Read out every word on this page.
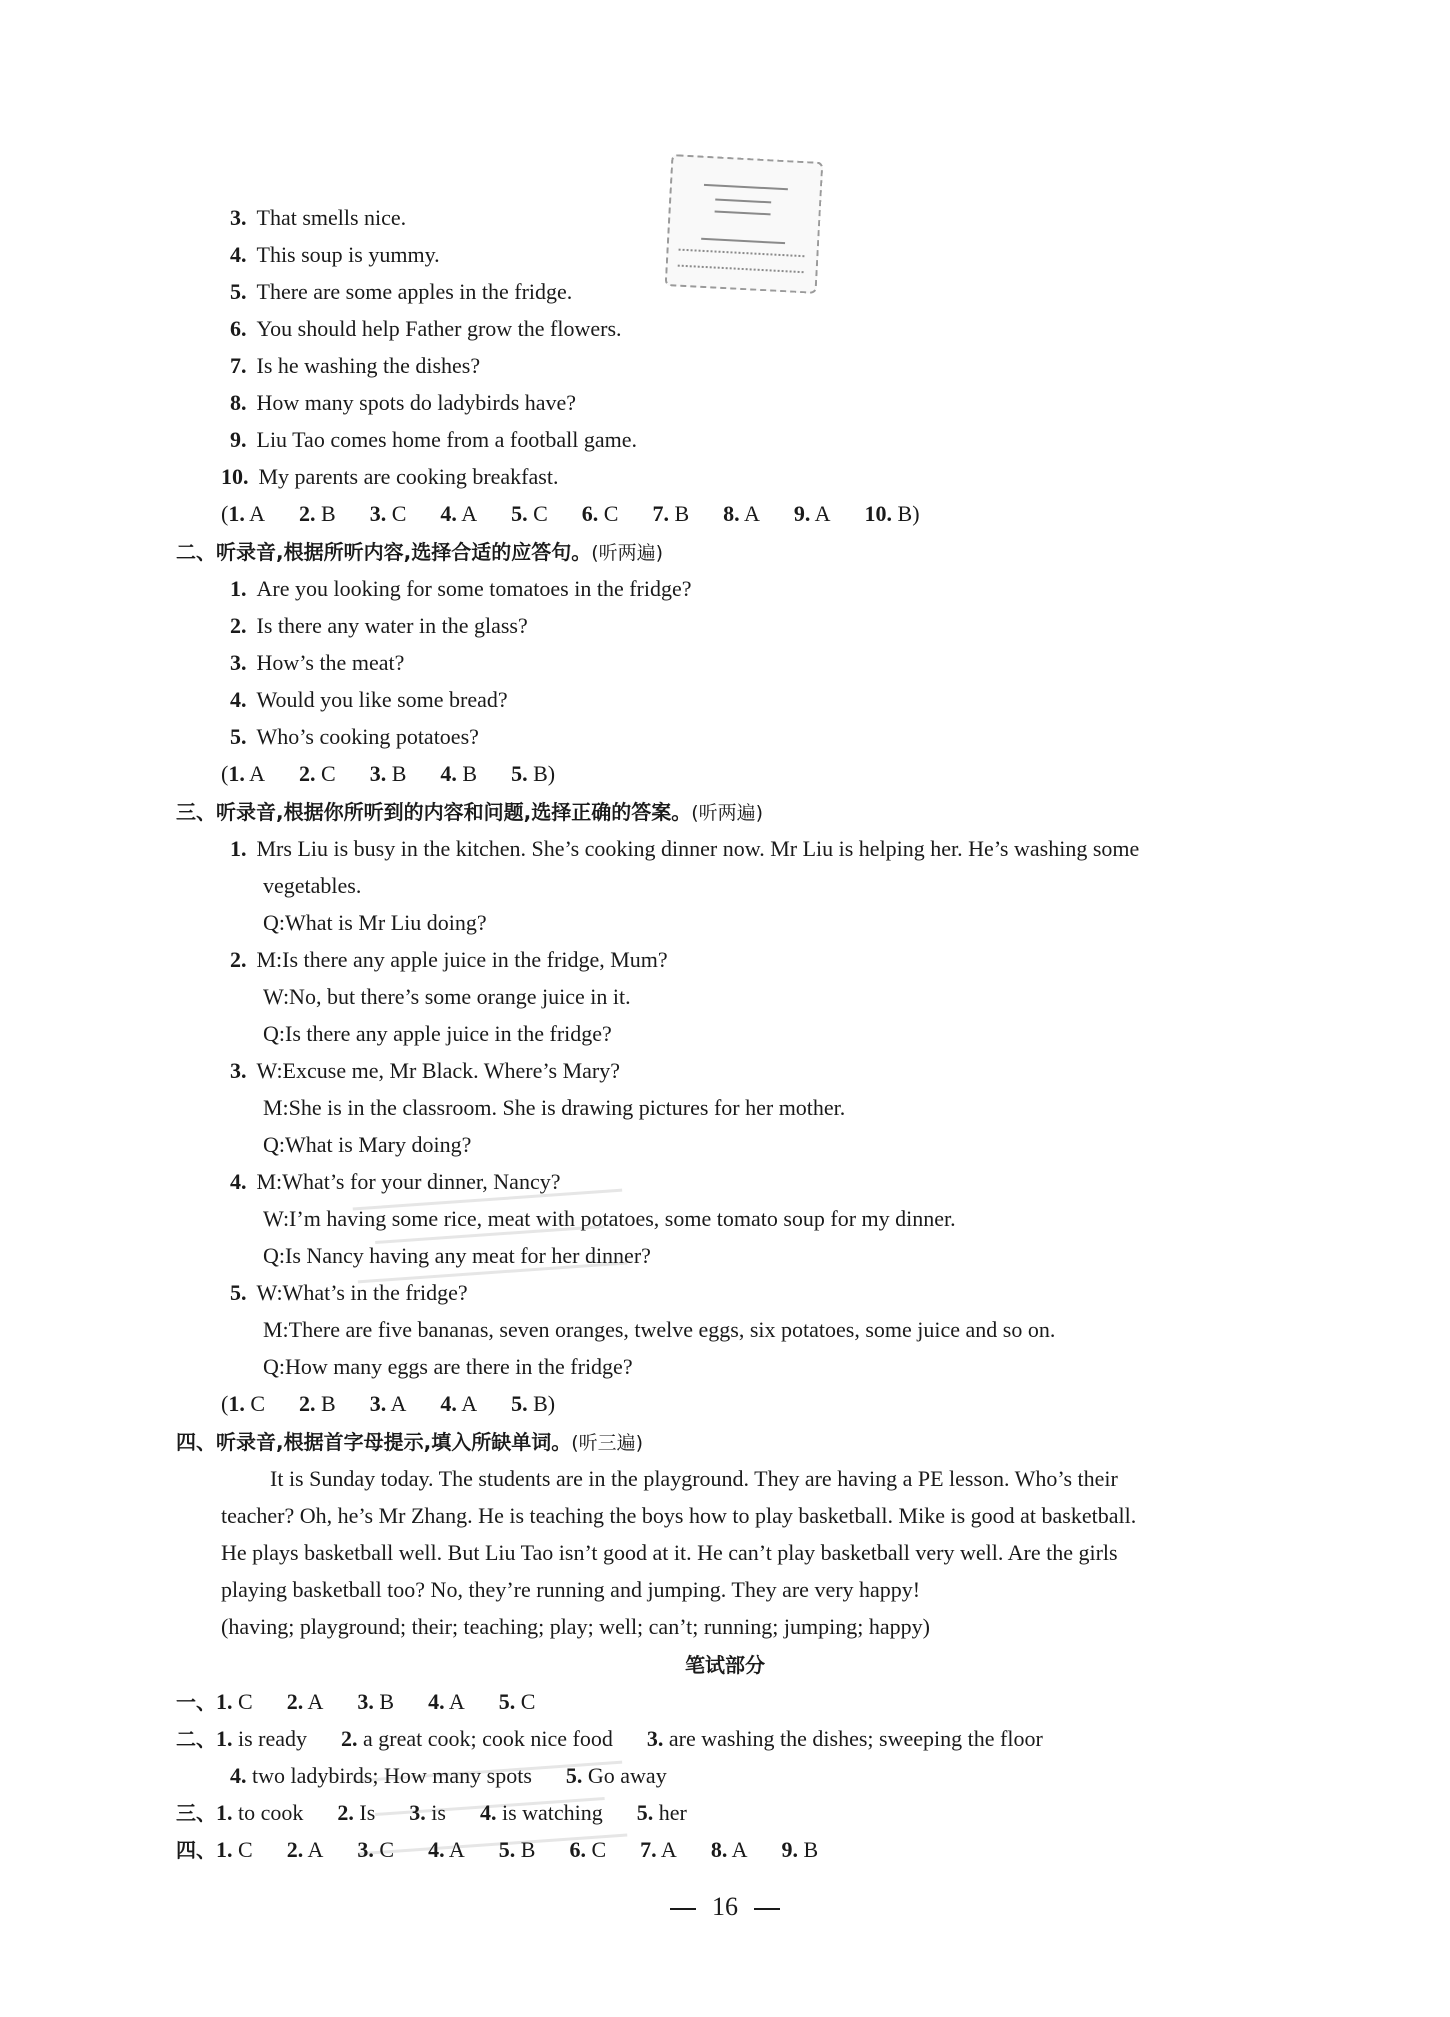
3. That smells nice.
4. This soup is yummy.
5. There are some apples in the fridge.
6. You should help Father grow the flowers.
7. Is he washing the dishes?
8. How many spots do ladybirds have?
9. Liu Tao comes home from a football game.
10. My parents are cooking breakfast.
(1. A 2. B 3. C 4. A 5. C 6. C 7. B 8. A 9. A 10. B)
二、听录音,根据所听内容,选择合适的应答句。(听两遍)
1. Are you looking for some tomatoes in the fridge?
2. Is there any water in the glass?
3. How’s the meat?
4. Would you like some bread?
5. Who’s cooking potatoes?
(1. A 2. C 3. B 4. B 5. B)
三、听录音,根据你所听到的内容和问题,选择正确的答案。(听两遍)
1. Mrs Liu is busy in the kitchen. She’s cooking dinner now. Mr Liu is helping her. He’s washing some
vegetables.
Q:What is Mr Liu doing?
2. M:Is there any apple juice in the fridge, Mum?
W:No, but there’s some orange juice in it.
Q:Is there any apple juice in the fridge?
3. W:Excuse me, Mr Black. Where’s Mary?
M:She is in the classroom. She is drawing pictures for her mother.
Q:What is Mary doing?
4. M:What’s for your dinner, Nancy?
W:I’m having some rice, meat with potatoes, some tomato soup for my dinner.
Q:Is Nancy having any meat for her dinner?
5. W:What’s in the fridge?
M:There are five bananas, seven oranges, twelve eggs, six potatoes, some juice and so on.
Q:How many eggs are there in the fridge?
(1. C 2. B 3. A 4. A 5. B)
四、听录音,根据首字母提示,填入所缺单词。(听三遍)
It is Sunday today. The students are in the playground. They are having a PE lesson. Who’s their
teacher? Oh, he’s Mr Zhang. He is teaching the boys how to play basketball. Mike is good at basketball.
He plays basketball well. But Liu Tao isn’t good at it. He can’t play basketball very well. Are the girls
playing basketball too? No, they’re running and jumping. They are very happy!
(having; playground; their; teaching; play; well; can’t; running; jumping; happy)
笔试部分
一、1. C 2. A 3. B 4. A 5. C
二、1. is ready 2. a great cook; cook nice food 3. are washing the dishes; sweeping the floor
4. two ladybirds; How many spots 5. Go away
三、1. to cook 2. Is 3. is 4. is watching 5. her
四、1. C 2. A 3. C 4. A 5. B 6. C 7. A 8. A 9. B
16
